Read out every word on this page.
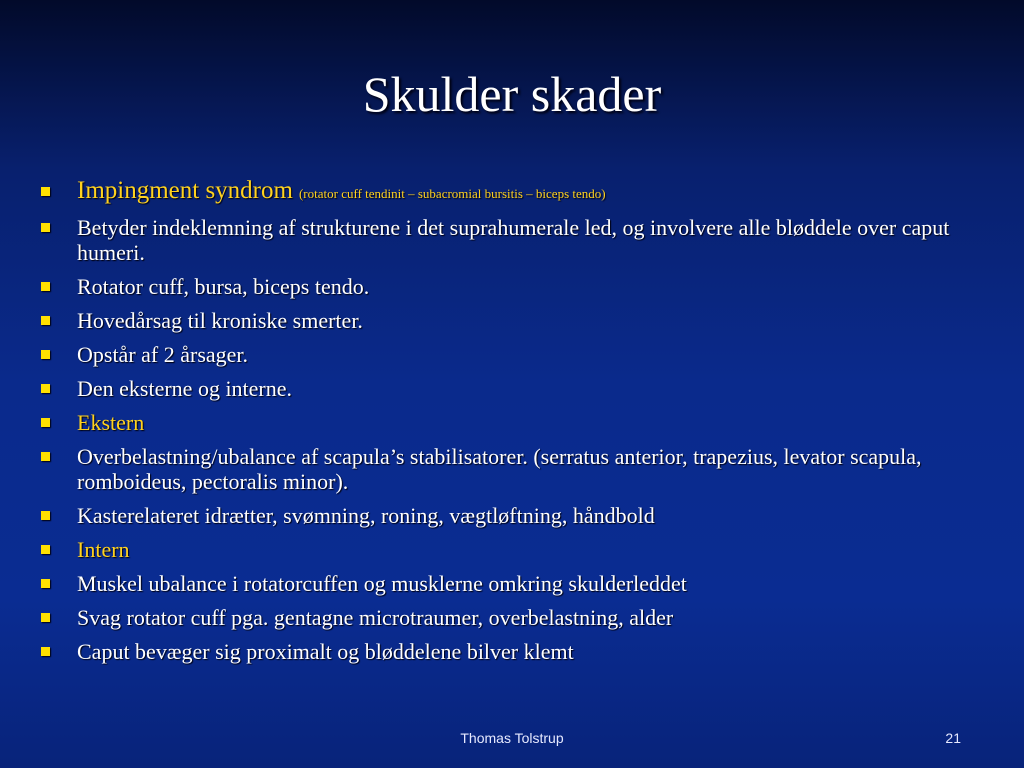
Skulder skader
Impingment syndrom (rotator cuff tendinit – subacromial bursitis – biceps tendo)
Betyder indeklemning af strukturene i det suprahumerale led, og involvere alle bløddele over caput humeri.
Rotator cuff, bursa, biceps tendo.
Hovedårsag til kroniske smerter.
Opstår af 2 årsager.
Den eksterne og interne.
Ekstern
Overbelastning/ubalance af scapula’s stabilisatorer. (serratus anterior, trapezius, levator scapula, romboideus, pectoralis minor).
Kasterelateret idrætter, svømning, roning, vægtløftning, håndbold
Intern
Muskel ubalance i rotatorcuffen og musklerne omkring skulderleddet
Svag rotator cuff pga. gentagne microtraumer, overbelastning, alder
Caput bevæger sig proximalt og bløddelene bilver klemt
Thomas Tolstrup	21
